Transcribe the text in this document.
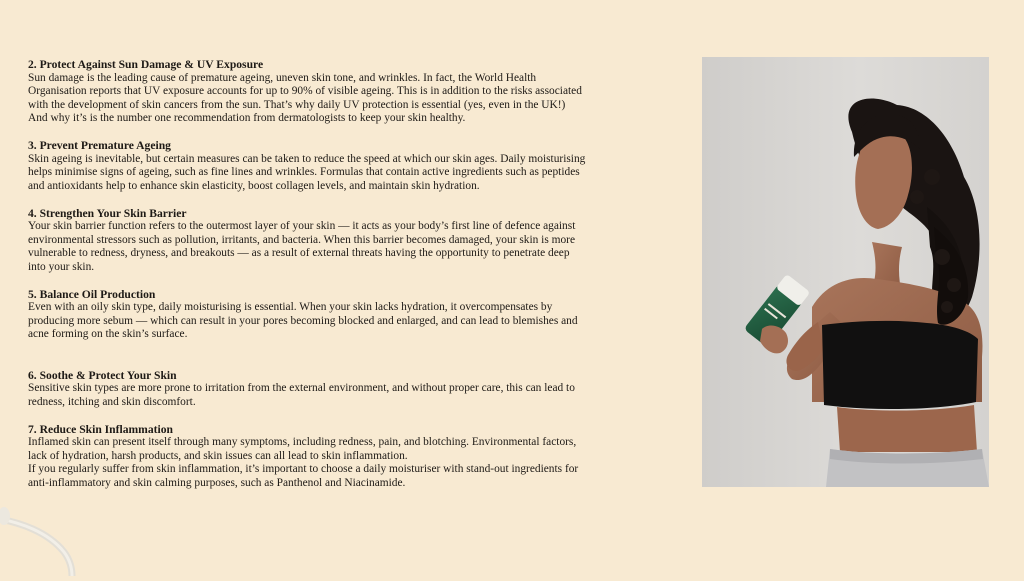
2. Protect Against Sun Damage & UV Exposure

Sun damage is the leading cause of premature ageing, uneven skin tone, and wrinkles. In fact, the World Health

Organisation reports that UV exposure accounts for up to 90% of visible ageing. This is in addition to the risks associated

with the development of skin cancers from the sun. That’s why daily UV protection is essential (yes, even in the UK!)

And why it’s is the number one recommendation from dermatologists to keep your skin healthy.

3. Prevent Premature Ageing

Skin ageing is inevitable, but certain measures can be taken to reduce the speed at which our skin ages. Daily moisturising

helps minimise signs of ageing, such as fine lines and wrinkles. Formulas that contain active ingredients such as peptides

and antioxidants help to enhance skin elasticity, boost collagen levels, and maintain skin hydration.

4. Strengthen Your Skin Barrier

Your skin barrier function refers to the outermost layer of your skin — it acts as your body’s first line of defence against

environmental stressors such as pollution, irritants, and bacteria. When this barrier becomes damaged, your skin is more

vulnerable to redness, dryness, and breakouts — as a result of external threats having the opportunity to penetrate deep

into your skin.

5. Balance Oil Production

Even with an oily skin type, daily moisturising is essential. When your skin lacks hydration, it overcompensates by

producing more sebum — which can result in your pores becoming blocked and enlarged, and can lead to blemishes and

acne forming on the skin’s surface.

6. Soothe & Protect Your Skin

Sensitive skin types are more prone to irritation from the external environment, and without proper care, this can lead to

redness, itching and skin discomfort.

7. Reduce Skin Inflammation

Inflamed skin can present itself through many symptoms, including redness, pain, and blotching. Environmental factors,

lack of hydration, harsh products, and skin issues can all lead to skin inflammation.

If you regularly suffer from skin inflammation, it’s important to choose a daily moisturiser with stand-out ingredients for

anti-inflammatory and skin calming purposes, such as Panthenol and Niacinamide.
